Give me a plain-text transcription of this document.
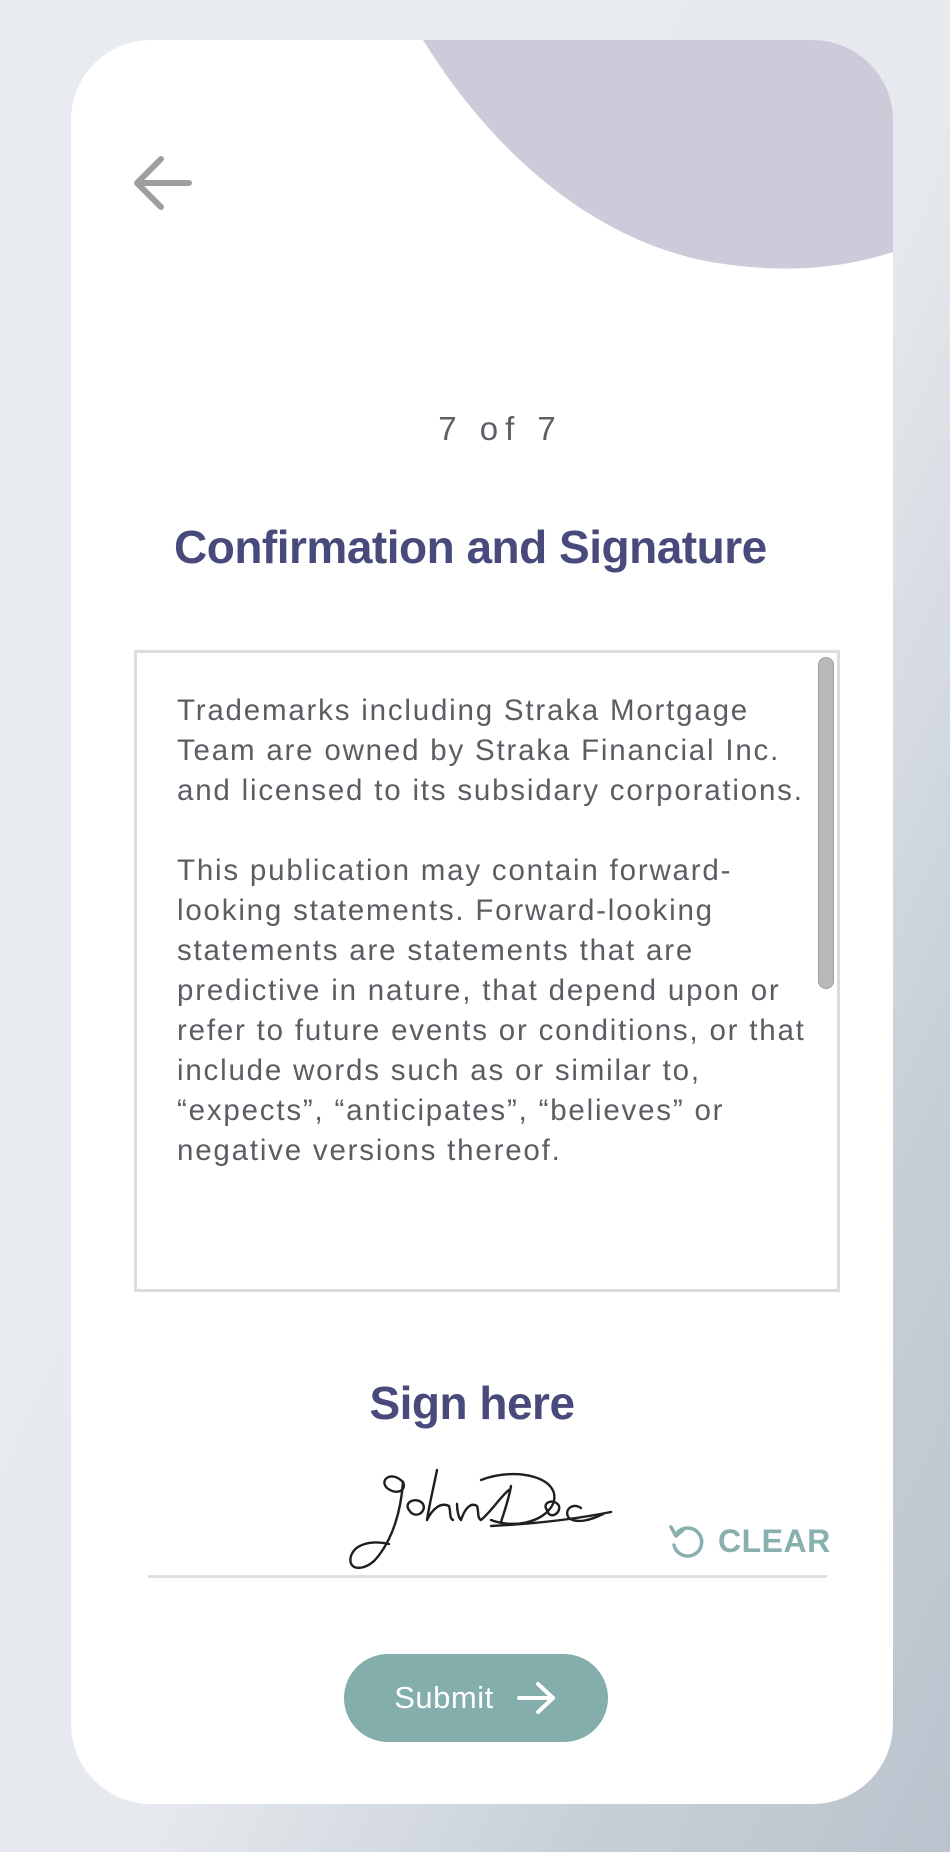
7 of 7
Confirmation and Signature

Trademarks including Straka Mortgage Team are owned by Straka Financial Inc. and licensed to its subsidary corporations.

This publication may contain forward-looking statements. Forward-looking statements are statements that are predictive in nature, that depend upon or refer to future events or conditions, or that include words such as or similar to, “expects”, “anticipates”, “believes” or negative versions thereof.

Sign here
CLEAR
Submit
